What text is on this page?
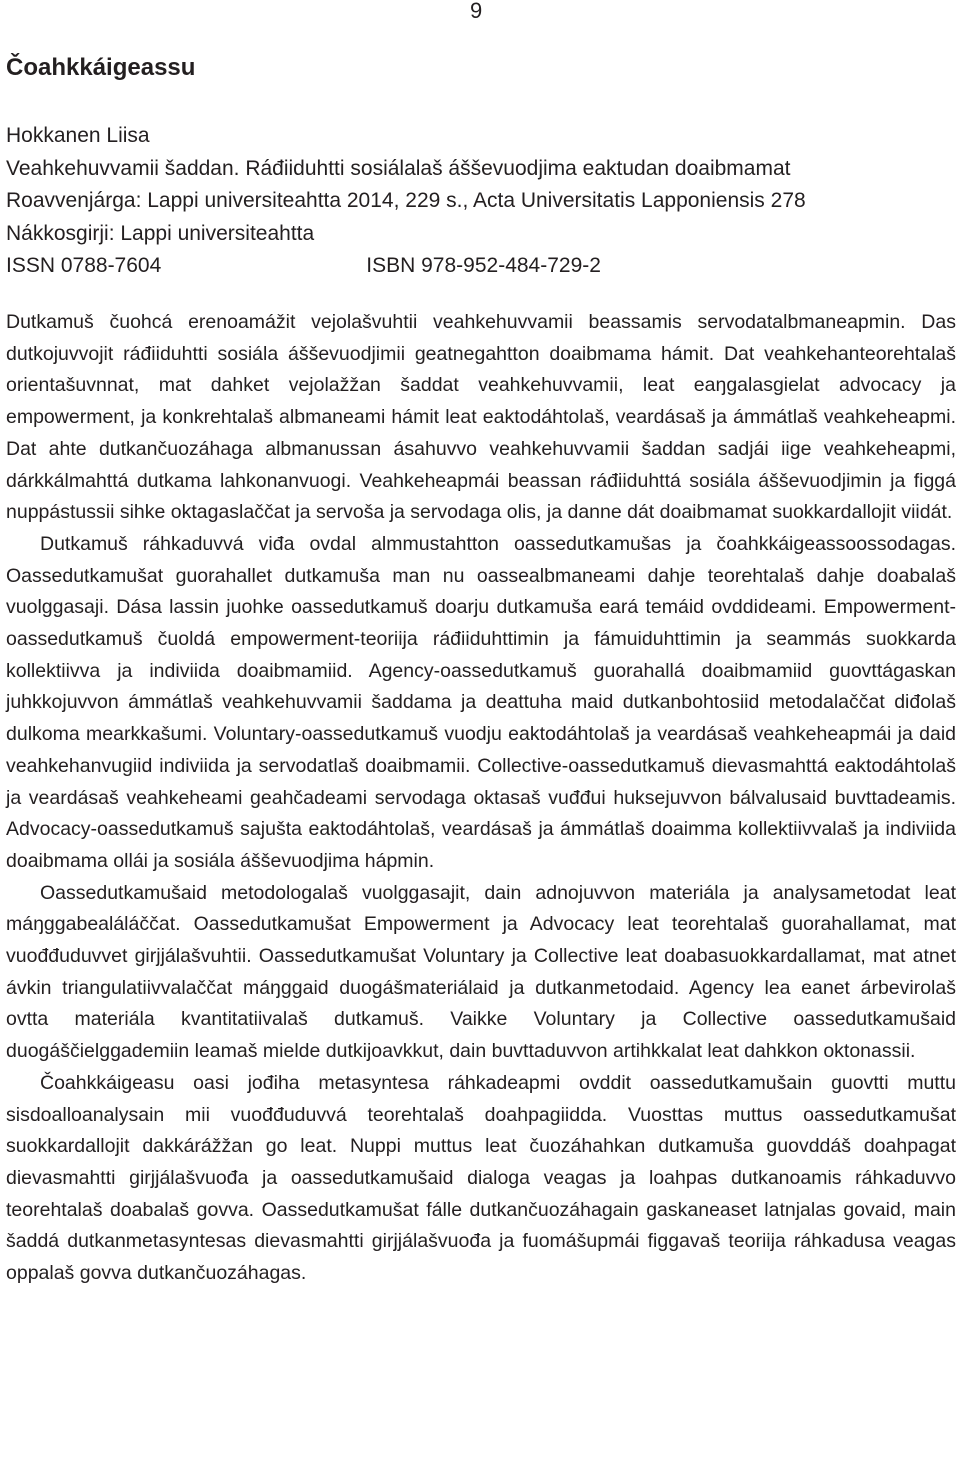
9
Čoahkkáigeassu
Hokkanen Liisa
Veahkehuvvamii šaddan. Ráđiiduhtti sosiálalaš ášševuodjima eaktudan doaibmamat
Roavvenjárga: Lappi universiteahtta 2014, 229 s., Acta Universitatis Lapponiensis 278
Nákkosgirji: Lappi universiteahtta
ISSN 0788-7604	ISBN 978-952-484-729-2

Dutkamuš čuohcá erenoamážit vejolašvuhtii veahkehuvvamii beassamis servodatalbmaneapmin. Das dutkojuvvojit ráđiiduhtti sosiála ášševuodjimii geatnegahtton doaibmama hámit. Dat veahkehanteorehtalaš orientašuvnnat, mat dahket vejolažžan šaddat veahkehuvvamii, leat eaŋgalasgielat advocacy ja empowerment, ja konkrehtalaš albmaneami hámit leat eaktodáhtolaš, veardásaš ja ámmátlaš veahkeheapmi. Dat ahte dutkančuozáhaga albmanussan ásahuvvo veahkehuvvamii šaddan sadjái iige veahkeheapmi, dárkkálmahttá dutkama lahkonanvuogi. Veahkeheapmái beassan ráđiiduhttá sosiála ášševuodjimin ja figgá nuppástussii sihke oktagaslaččat ja servoša ja servodaga olis, ja danne dát doaibmamat suokkardallojit viidát.

Dutkamuš ráhkaduvvá viđa ovdal almmustahtton oassedutkamušas ja čoahkkáigeassoossodagas. Oassedutkamušat guorahallet dutkamuša man nu oassealbmaneami dahje teorehtalaš dahje doabalaš vuolggasaji. Dása lassin juohke oassedutkamuš doarju dutkamuša eará temáid ovddideami. Empowerment-oassedutkamuš čuoldá empowerment-teoriija ráđiiduhttimin ja fámuiduhttimin ja seammás suokkarda kollektiivva ja indiviida doaibmamiid. Agency-oassedutkamuš guorahallá doaibmamiid guovttágaskan juhkkojuvvon ámmátlaš veahkehuvvamii šaddama ja deattuha maid dutkanbohtosiid metodalaččat diđolaš dulkoma mearkkašumi. Voluntary-oassedutkamuš vuodju eaktodáhtolaš ja veardásaš veahkeheapmái ja daid veahkehanvugiid indiviida ja servodatlaš doaibmamii. Collective-oassedutkamuš dievasmahttá eaktodáhtolaš ja veardásaš veahkeheami geahčadeami servodaga oktasaš vuđđui huksejuvvon bálvalusaid buvttadeamis. Advocacy-oassedutkamuš sajušta eaktodáhtolaš, veardásaš ja ámmátlaš doaimma kollektiivvalaš ja indiviida doaibmama ollái ja sosiála ášševuodjima hápmin.

Oassedutkamušaid metodologalaš vuolggasajit, dain adnojuvvon materiála ja analysametodat leat máŋggabealáláččat. Oassedutkamušat Empowerment ja Advocacy leat teorehtalaš guorahallamat, mat vuođđuduvvet girjjálašvuhtii. Oassedutkamušat Voluntary ja Collective leat doabasuokkardallamat, mat atnet ávkin triangulatiivvalaččat máŋggaid duogášmateriálaid ja dutkanmetodaid. Agency lea eanet árbevirolaš ovtta materiála kvantitatiivalaš dutkamuš. Vaikke Voluntary ja Collective oassedutkamušaid duogáščielggademiin leamaš mielde dutkijoavkkut, dain buvttaduvvon artihkkalat leat dahkkon oktonassii.

Čoahkkáigeasu oasi jođiha metasyntesa ráhkadeapmi ovddit oassedutkamušain guovtti muttu sisdoalloanalysain mii vuođđuduvvá teorehtalaš doahpagiidda. Vuosttas muttus oassedutkamušat suokkardallojit dakkárážžan go leat. Nuppi muttus leat čuozáhahkan dutkamuša guovddáš doahpagat dievasmahtti girjjálašvuođa ja oassedutkamušaid dialoga veagas ja loahpas dutkanoamis ráhkaduvvo teorehtalaš doabalaš govva. Oassedutkamušat fálle dutkančuozáhagain gaskaneaset latnjalas govaid, main šaddá dutkanmetasyntesas dievasmahtti girjjálašvuođa ja fuomášupmái figgavaš teoriija ráhkadusa veagas oppalaš govva dutkančuozáhagas.
